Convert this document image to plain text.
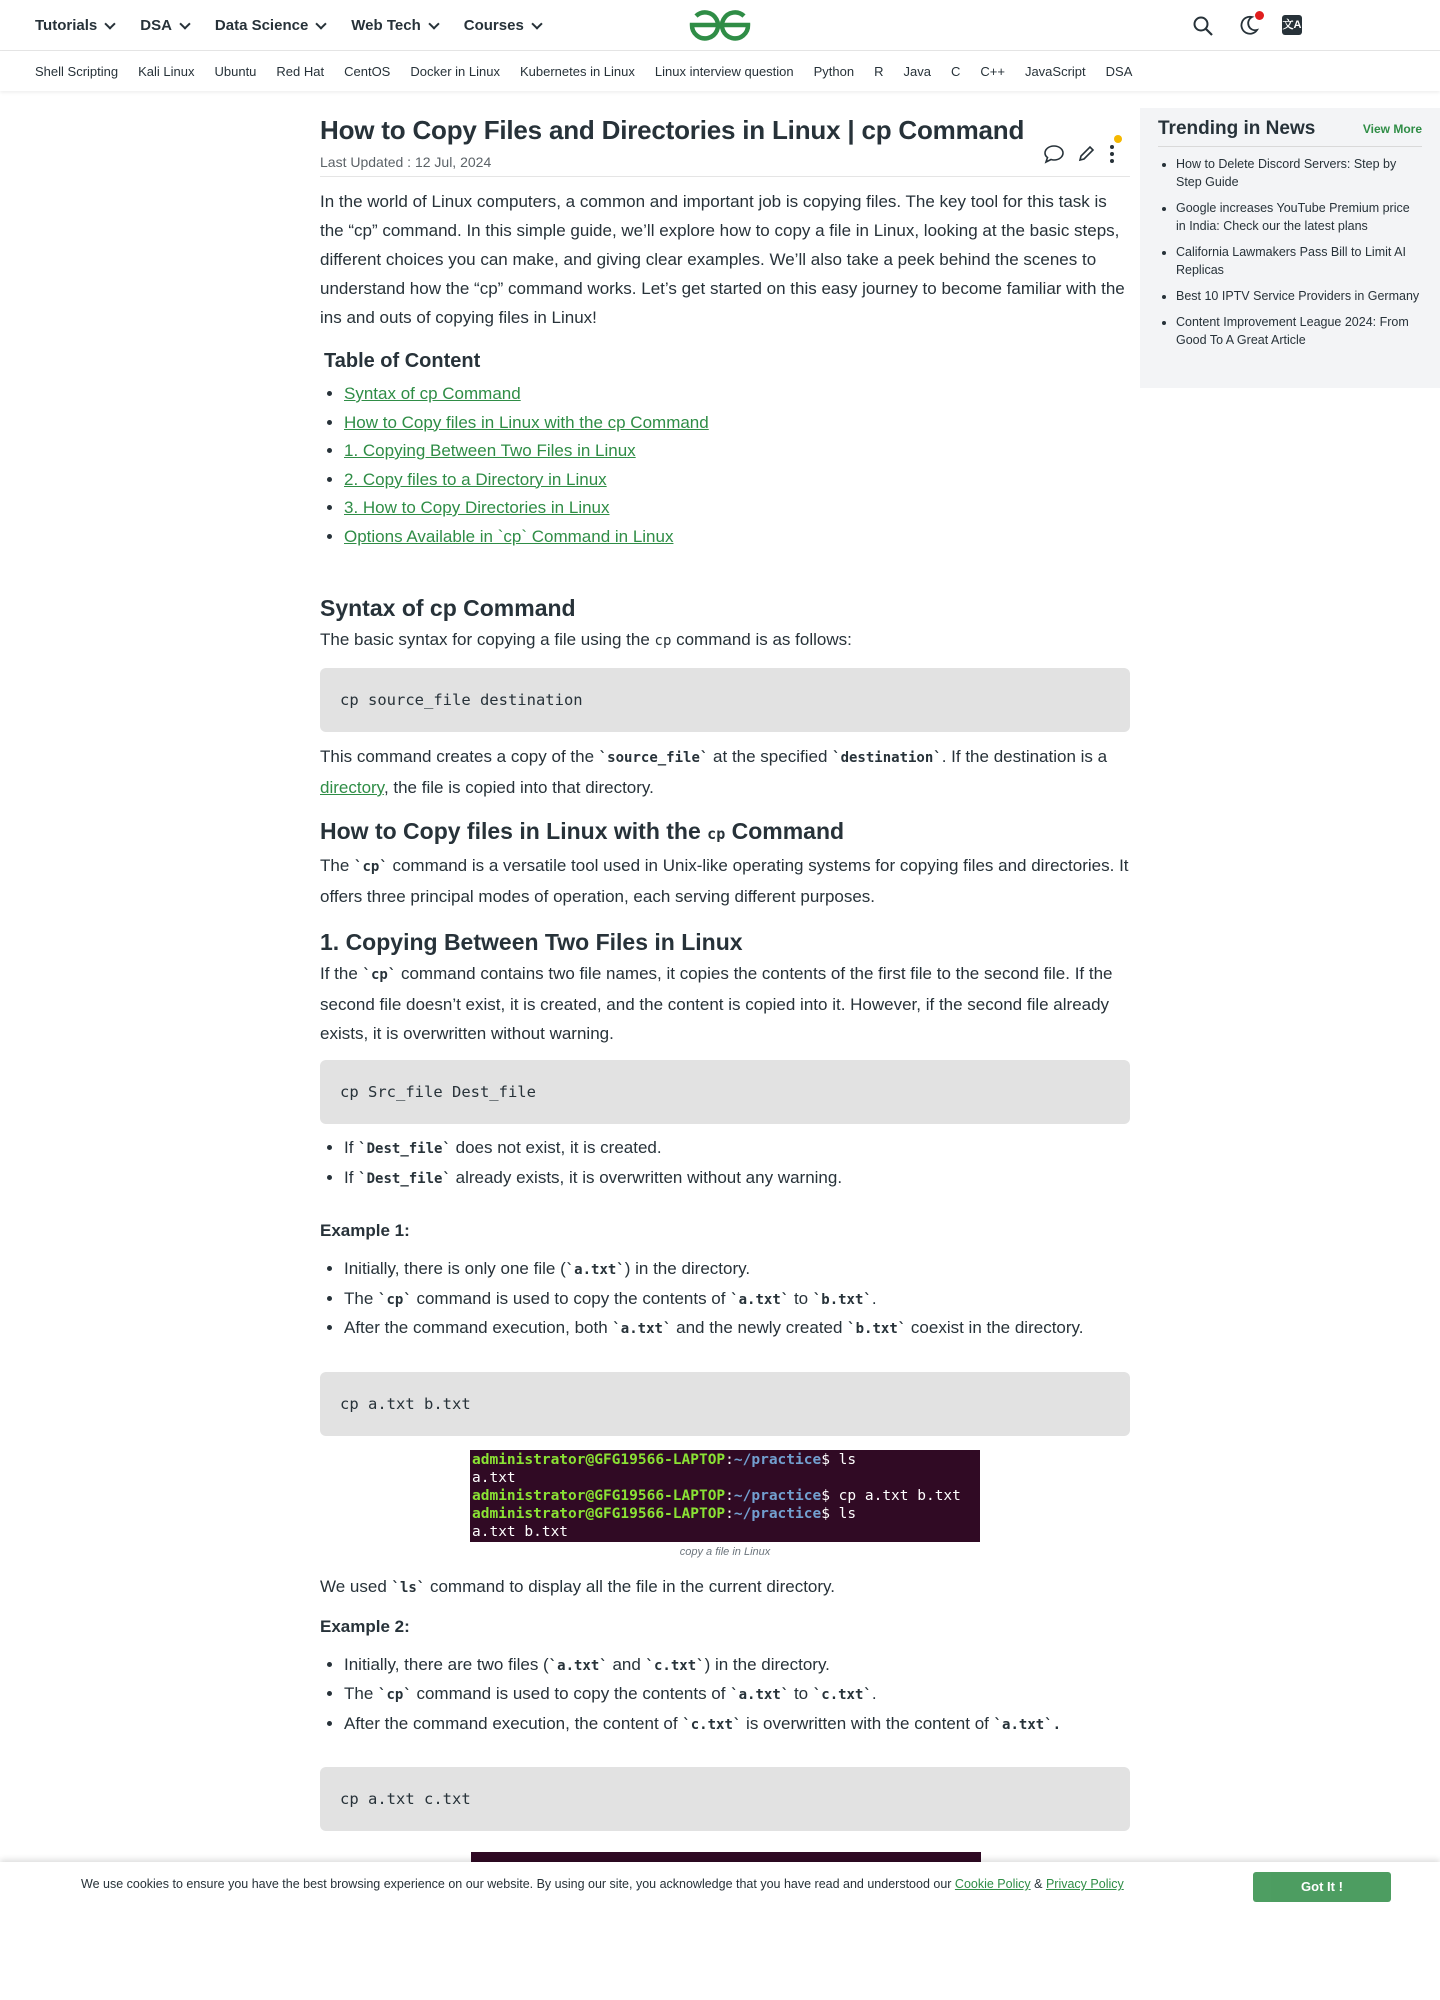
Tutorials	DSA	Data Science	Web Tech	Courses	文A
Shell Scripting Kali Linux Ubuntu Red Hat CentOS Docker in Linux Kubernetes in Linux Linux interview question Python R Java C C++ JavaScript DSA
How to Copy Files and Directories in Linux | cp Command
Last Updated : 12 Jul, 2024

In the world of Linux computers, a common and important job is copying files. The key tool for this task is the “cp” command. In this simple guide, we’ll explore how to copy a file in Linux, looking at the basic steps, different choices you can make, and giving clear examples. We’ll also take a peek behind the scenes to understand how the “cp” command works. Let’s get started on this easy journey to become familiar with the ins and outs of copying files in Linux!

Table of Content
• Syntax of cp Command
• How to Copy files in Linux with the cp Command
• 1. Copying Between Two Files in Linux
• 2. Copy files to a Directory in Linux
• 3. How to Copy Directories in Linux
• Options Available in `cp` Command in Linux
Syntax of cp Command

The basic syntax for copying a file using the cp command is as follows:

cp source_file destination

This command creates a copy of the `source_file` at the specified `destination`. If the destination is a directory, the file is copied into that directory.

How to Copy files in Linux with the cp Command

The `cp` command is a versatile tool used in Unix-like operating systems for copying files and directories. It offers three principal modes of operation, each serving different purposes.

1. Copying Between Two Files in Linux

If the `cp` command contains two file names, it copies the contents of the first file to the second file. If the second file doesn’t exist, it is created, and the content is copied into it. However, if the second file already exists, it is overwritten without warning.

cp Src_file Dest_file
• If `Dest_file` does not exist, it is created.
• If `Dest_file` already exists, it is overwritten without any warning.
Example 1:
• Initially, there is only one file (`a.txt`) in the directory.
• The `cp` command is used to copy the contents of `a.txt` to `b.txt`.
• After the command execution, both `a.txt` and the newly created `b.txt` coexist in the directory.
cp a.txt b.txt
administrator@GFG19566-LAPTOP:~/practice$ ls
a.txt
administrator@GFG19566-LAPTOP:~/practice$ cp a.txt b.txt
administrator@GFG19566-LAPTOP:~/practice$ ls
a.txt b.txt
copy a file in Linux

We used `ls` command to display all the file in the current directory.

Example 2:
• Initially, there are two files (`a.txt` and `c.txt`) in the directory.
• The `cp` command is used to copy the contents of `a.txt` to `c.txt`.
• After the command execution, the content of `c.txt` is overwritten with the content of `a.txt`.
cp a.txt c.txt
Trending in News	View More
• How to Delete Discord Servers: Step by Step Guide
• Google increases YouTube Premium price in India: Check our the latest plans
• California Lawmakers Pass Bill to Limit AI Replicas
• Best 10 IPTV Service Providers in Germany
• Content Improvement League 2024: From Good To A Great Article
We use cookies to ensure you have the best browsing experience on our website. By using our site, you acknowledge that you have read and understood our Cookie Policy & Privacy Policy	Got It !
